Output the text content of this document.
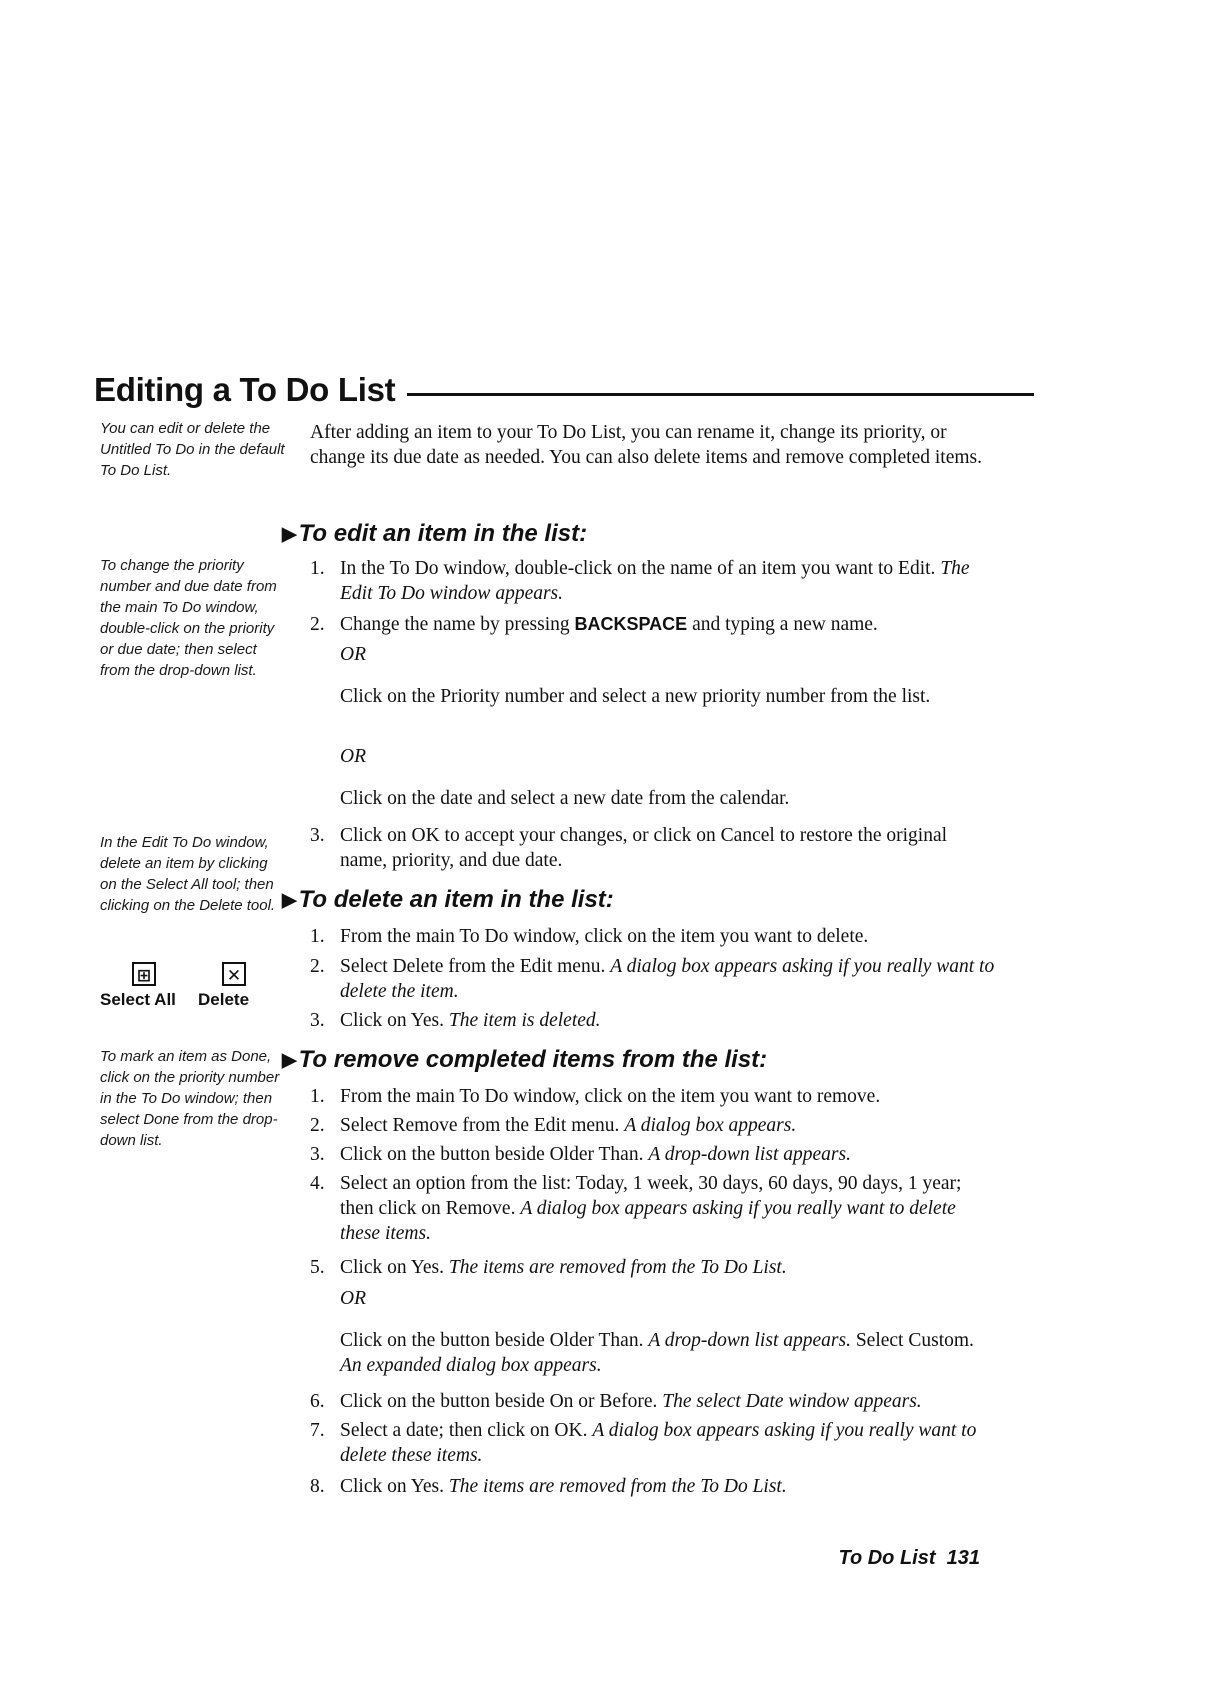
Editing a To Do List
You can edit or delete the Untitled To Do in the default To Do List.
To change the priority number and due date from the main To Do window, double-click on the priority or due date; then select from the drop-down list.
In the Edit To Do window, delete an item by clicking on the Select All tool; then clicking on the Delete tool.
⊞	✕
Select All Delete
To mark an item as Done, click on the priority number in the To Do window; then select Done from the drop-down list.
After adding an item to your To Do List, you can rename it, change its priority, or change its due date as needed. You can also delete items and remove completed items.
▶ To edit an item in the list:
1. In the To Do window, double-click on the name of an item you want to Edit. The Edit To Do window appears.
2. Change the name by pressing BACKSPACE and typing a new name.
OR
Click on the Priority number and select a new priority number from the list.
OR
Click on the date and select a new date from the calendar.
3. Click on OK to accept your changes, or click on Cancel to restore the original name, priority, and due date.
▶ To delete an item in the list:
1. From the main To Do window, click on the item you want to delete.
2. Select Delete from the Edit menu. A dialog box appears asking if you really want to delete the item.
3. Click on Yes. The item is deleted.
▶ To remove completed items from the list:
1. From the main To Do window, click on the item you want to remove.
2. Select Remove from the Edit menu. A dialog box appears.
3. Click on the button beside Older Than. A drop-down list appears.
4. Select an option from the list: Today, 1 week, 30 days, 60 days, 90 days, 1 year; then click on Remove. A dialog box appears asking if you really want to delete these items.
5. Click on Yes. The items are removed from the To Do List.
OR
Click on the button beside Older Than. A drop-down list appears. Select Custom. An expanded dialog box appears.
6. Click on the button beside On or Before. The select Date window appears.
7. Select a date; then click on OK. A dialog box appears asking if you really want to delete these items.
8. Click on Yes. The items are removed from the To Do List.
To Do List  131
